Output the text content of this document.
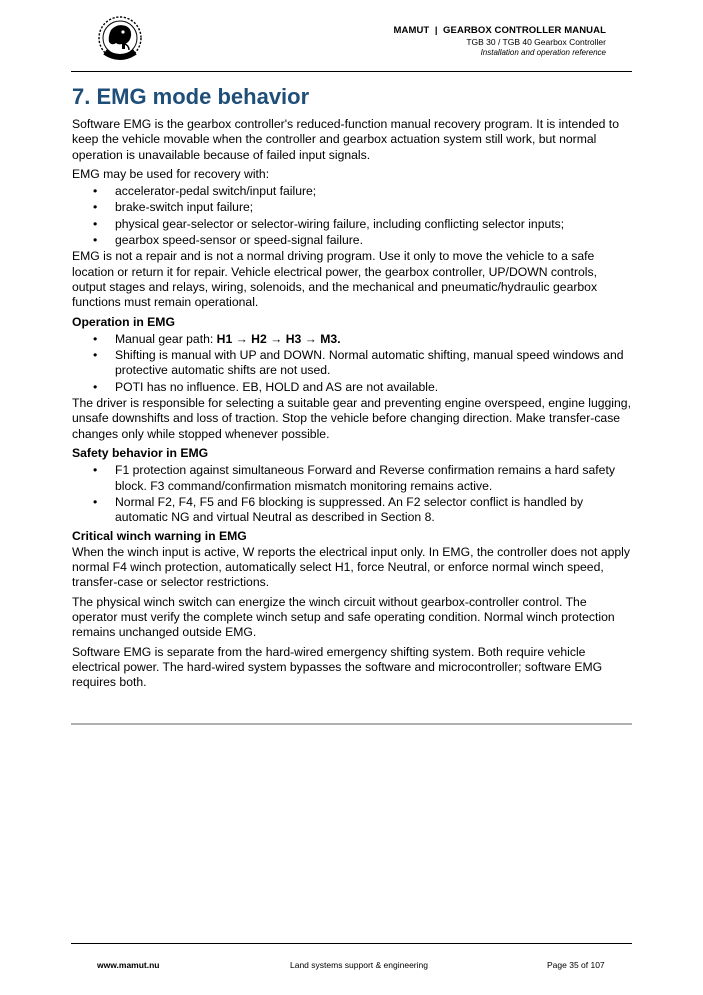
MAMUT  |  GEARBOX CONTROLLER MANUAL
TGB 30 / TGB 40 Gearbox Controller
Installation and operation reference
7. EMG mode behavior

Software EMG is the gearbox controller's reduced-function manual recovery program. It is intended to keep the vehicle movable when the controller and gearbox actuation system still work, but normal operation is unavailable because of failed input signals.

EMG may be used for recovery with:

• accelerator-pedal switch/input failure;
• brake-switch input failure;
• physical gear-selector or selector-wiring failure, including conflicting selector inputs;
• gearbox speed-sensor or speed-signal failure.

EMG is not a repair and is not a normal driving program. Use it only to move the vehicle to a safe location or return it for repair. Vehicle electrical power, the gearbox controller, UP/DOWN controls, output stages and relays, wiring, solenoids, and the mechanical and pneumatic/hydraulic gearbox functions must remain operational.

Operation in EMG
• Manual gear path: H1 → H2 → H3 → M3.
• Shifting is manual with UP and DOWN. Normal automatic shifting, manual speed windows and protective automatic shifts are not used.
• POTI has no influence. EB, HOLD and AS are not available.

The driver is responsible for selecting a suitable gear and preventing engine overspeed, engine lugging, unsafe downshifts and loss of traction. Stop the vehicle before changing direction. Make transfer-case changes only while stopped whenever possible.

Safety behavior in EMG
• F1 protection against simultaneous Forward and Reverse confirmation remains a hard safety block. F3 command/confirmation mismatch monitoring remains active.
• Normal F2, F4, F5 and F6 blocking is suppressed. An F2 selector conflict is handled by automatic NG and virtual Neutral as described in Section 8.
Critical winch warning in EMG

When the winch input is active, W reports the electrical input only. In EMG, the controller does not apply normal F4 winch protection, automatically select H1, force Neutral, or enforce normal winch speed, transfer-case or selector restrictions.

The physical winch switch can energize the winch circuit without gearbox-controller control. The operator must verify the complete winch setup and safe operating condition. Normal winch protection remains unchanged outside EMG.

Software EMG is separate from the hard-wired emergency shifting system. Both require vehicle electrical power. The hard-wired system bypasses the software and microcontroller; software EMG requires both.

www.mamut.nu	Land systems support & engineering	Page 35 of 107
